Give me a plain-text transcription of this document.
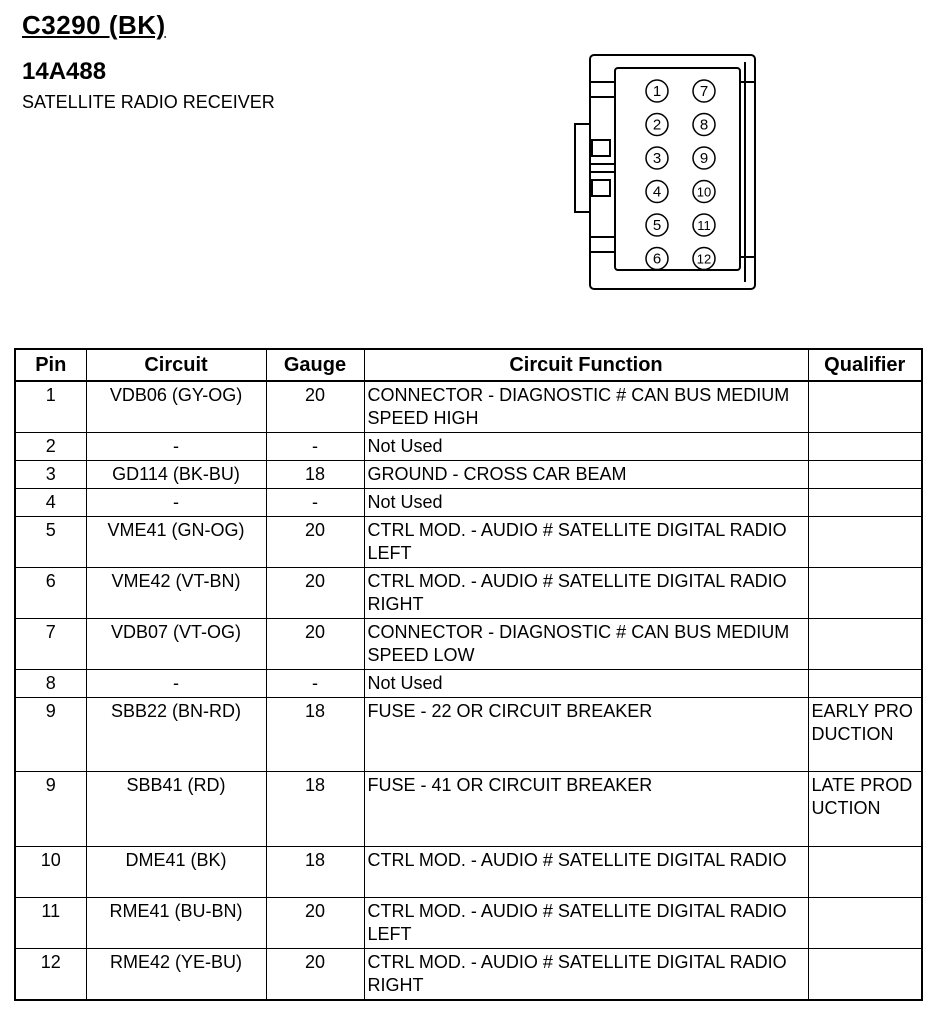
C3290 (BK)
14A488
SATELLITE RADIO RECEIVER
1
2
3
4
5
6
7
8
9
10
11
12
Pin	Circuit	Gauge	Circuit Function	Qualifier
1	VDB06 (GY-OG)	20	CONNECTOR - DIAGNOSTIC # CAN BUS MEDIUM SPEED HIGH	
2	-	-	Not Used	
3	GD114 (BK-BU)	18	GROUND - CROSS CAR BEAM	
4	-	-	Not Used	
5	VME41 (GN-OG)	20	CTRL MOD. - AUDIO # SATELLITE DIGITAL RADIO LEFT	
6	VME42 (VT-BN)	20	CTRL MOD. - AUDIO # SATELLITE DIGITAL RADIO RIGHT	
7	VDB07 (VT-OG)	20	CONNECTOR - DIAGNOSTIC # CAN BUS MEDIUM SPEED LOW	
8	-	-	Not Used	
9	SBB22 (BN-RD)	18	FUSE - 22 OR CIRCUIT BREAKER	EARLY PRODUCTION
9	SBB41 (RD)	18	FUSE - 41 OR CIRCUIT BREAKER	LATE PRODUCTION
10	DME41 (BK)	18	CTRL MOD. - AUDIO # SATELLITE DIGITAL RADIO	
11	RME41 (BU-BN)	20	CTRL MOD. - AUDIO # SATELLITE DIGITAL RADIO LEFT	
12	RME42 (YE-BU)	20	CTRL MOD. - AUDIO # SATELLITE DIGITAL RADIO RIGHT	
